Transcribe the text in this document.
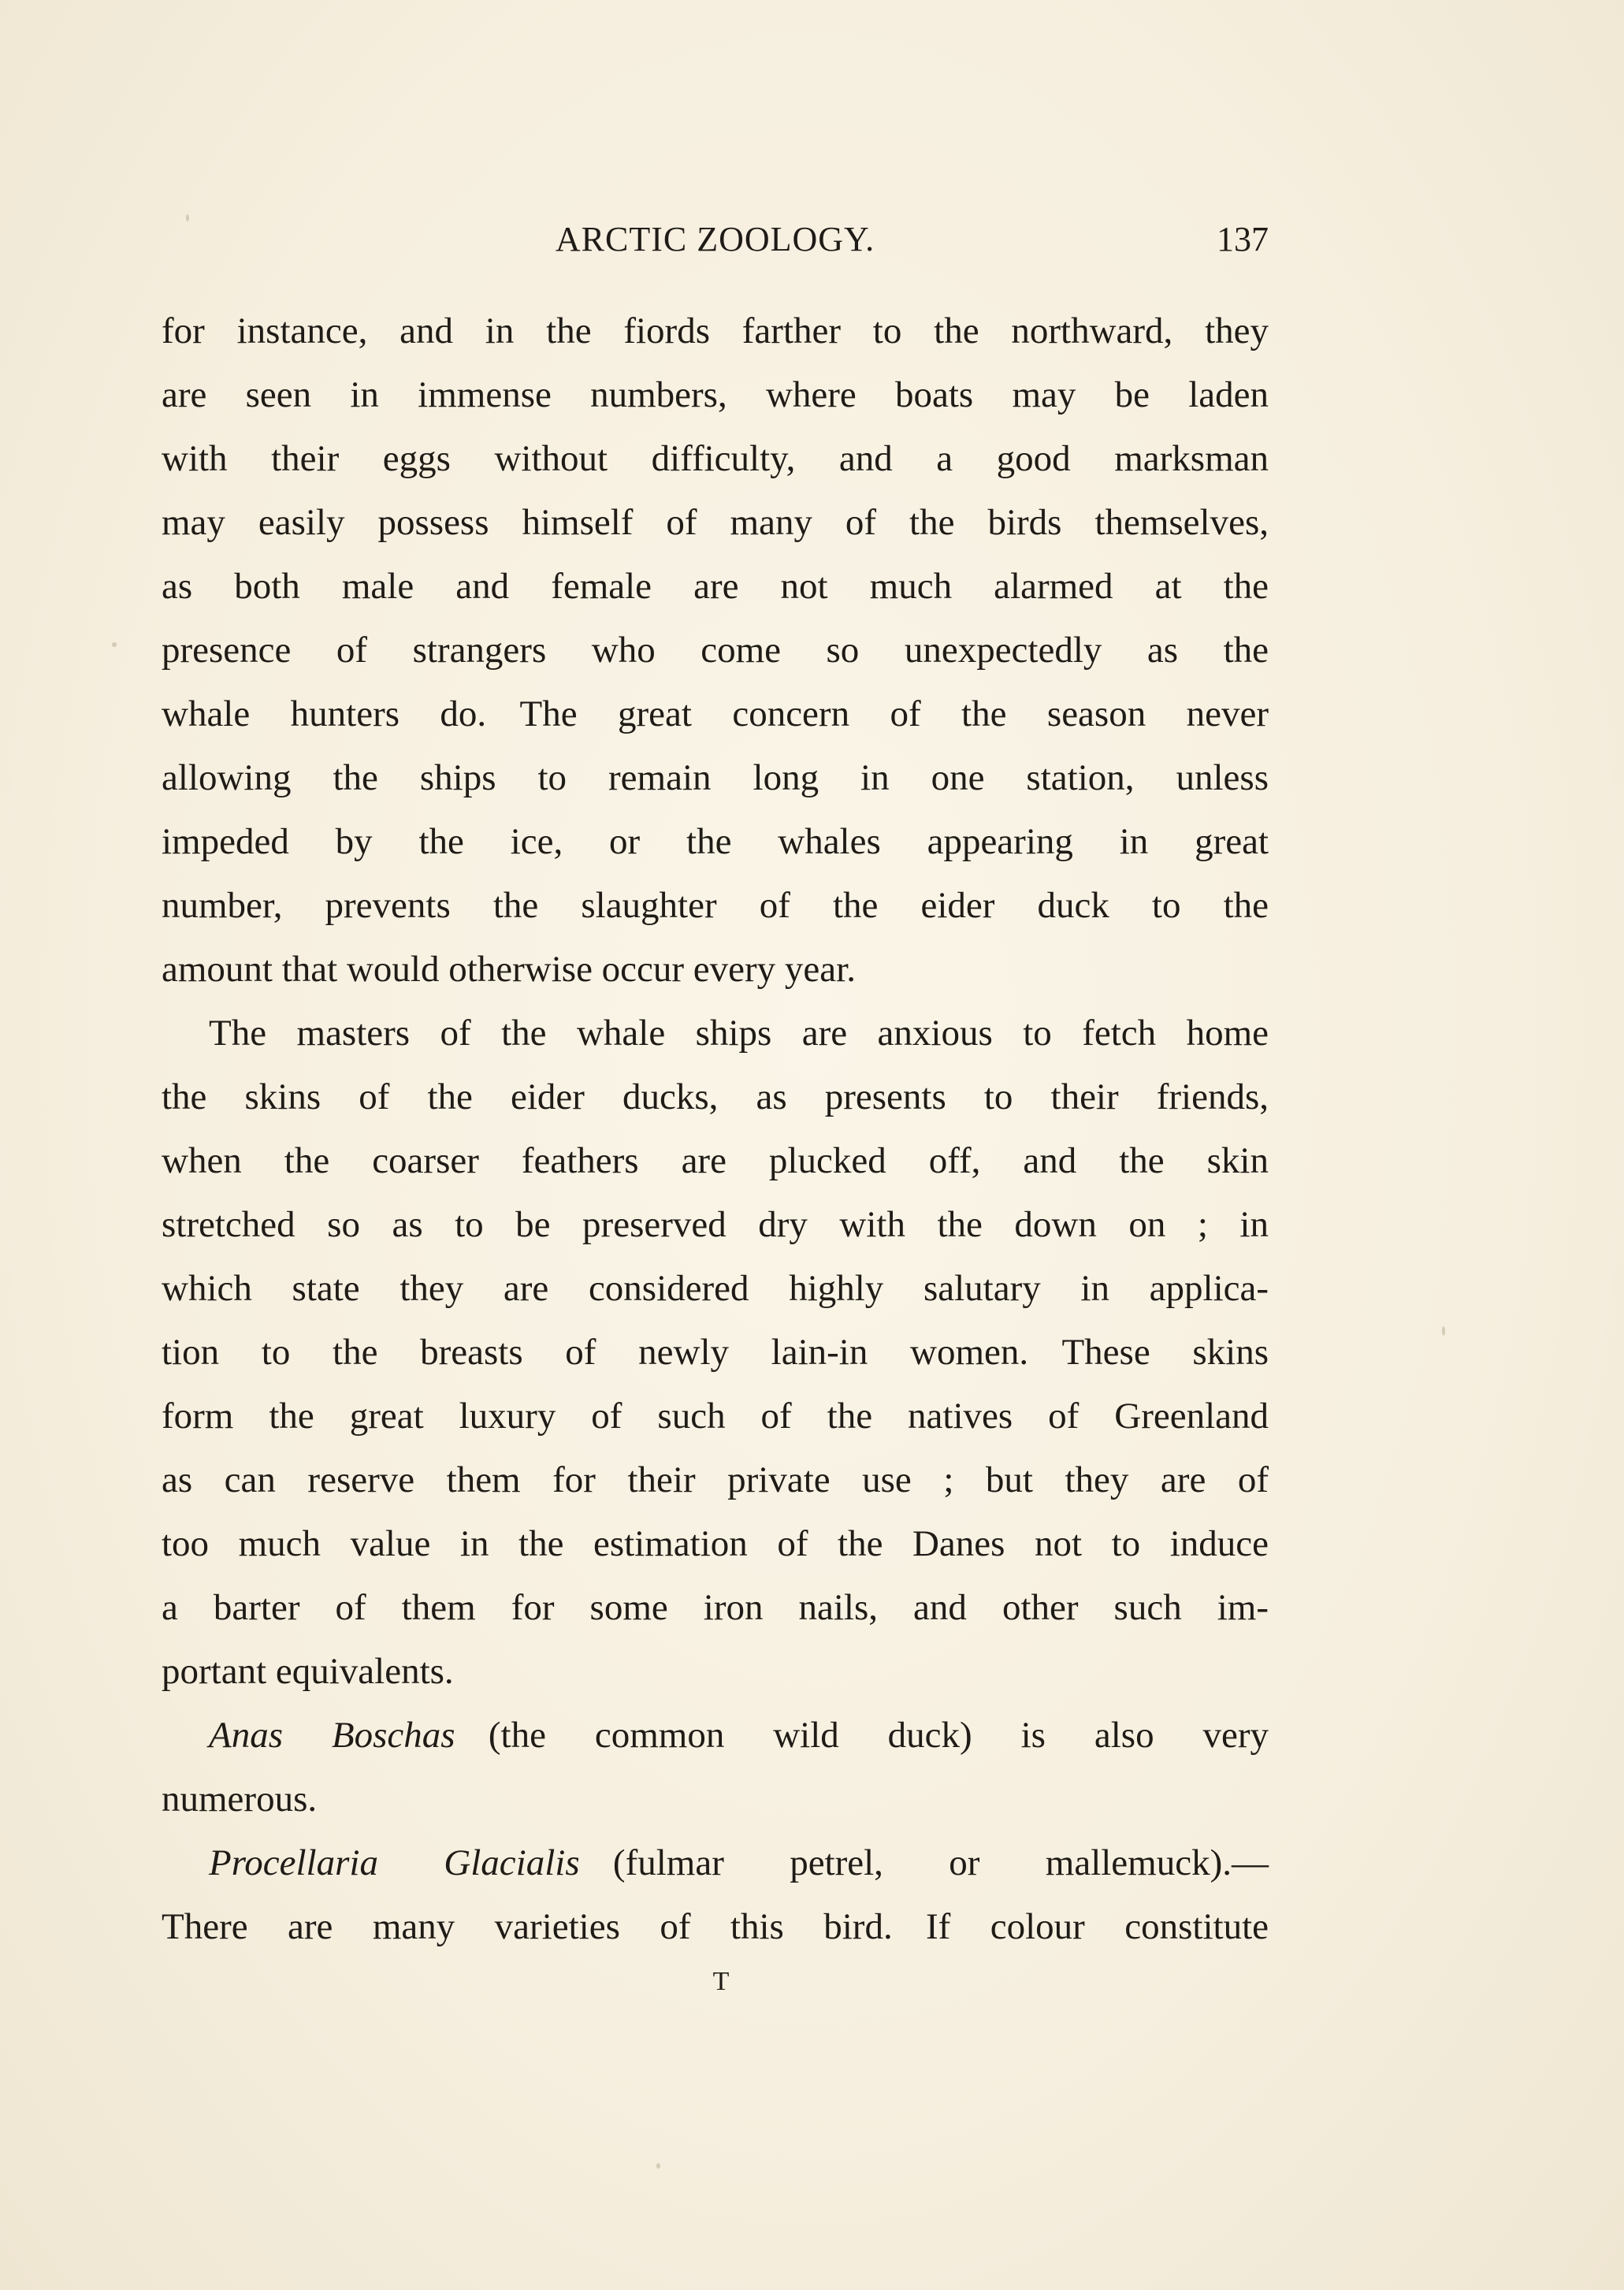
ARCTIC ZOOLOGY.	137
for instance, and in the fiords farther to the northward, they
are seen in immense numbers, where boats may be laden
with their eggs without difficulty, and a good marksman
may easily possess himself of many of the birds themselves,
as both male and female are not much alarmed at the
presence of strangers who come so unexpectedly as the
whale hunters do. The great concern of the season never
allowing the ships to remain long in one station, unless
impeded by the ice, or the whales appearing in great
number, prevents the slaughter of the eider duck to the
amount that would otherwise occur every year.
The masters of the whale ships are anxious to fetch home
the skins of the eider ducks, as presents to their friends,
when the coarser feathers are plucked off, and the skin
stretched so as to be preserved dry with the down on ; in
which state they are considered highly salutary in applica-
tion to the breasts of newly lain-in women. These skins
form the great luxury of such of the natives of Greenland
as can reserve them for their private use ; but they are of
too much value in the estimation of the Danes not to induce
a barter of them for some iron nails, and other such im-
portant equivalents.
Anas Boschas (the common wild duck) is also very
numerous.
Procellaria Glacialis (fulmar petrel, or mallemuck).—
There are many varieties of this bird. If colour constitute
T
